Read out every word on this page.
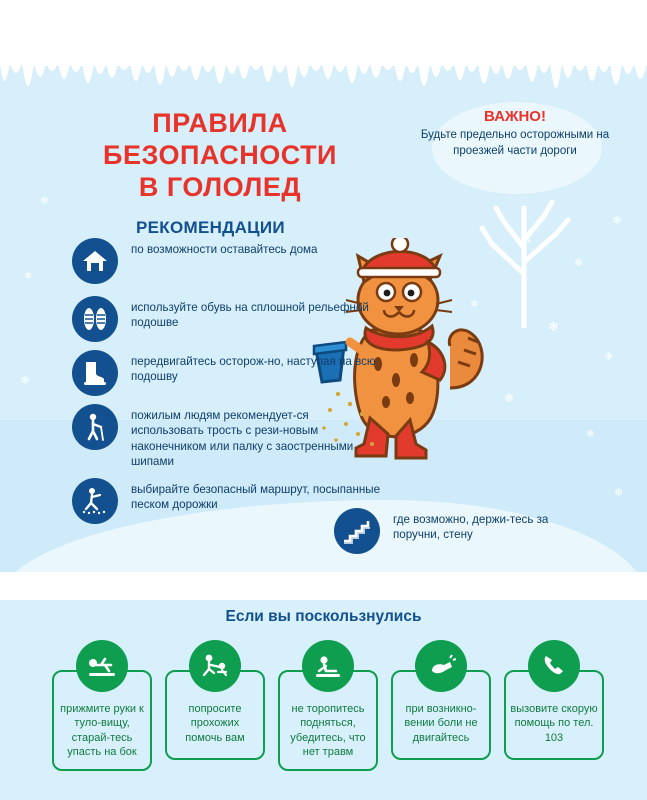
❄
❄
❄
❄
❄
❄
❄
❄
❄
❄
❄
❄
ПРАВИЛА
БЕЗОПАСНОСТИ
В ГОЛОЛЕД
ВАЖНО!

Будьте предельно осторожными на проезжей части дороги

РЕКОМЕНДАЦИИ
по возможности оставайтесь дома
используйте обувь на сплошной рельефной подошве
передвигайтесь осторож-но, наступая на всю подошву
пожилым людям рекомендует-ся использовать трость с рези-новым наконечником или палку с заостренными шипами
выбирайте безопасный маршрут, посыпанные песком дорожки
где возможно, держи-тесь за поручни, стену
Если вы поскользнулись

прижмите руки к туло-вищу, старай-тесь упасть на бок

попросите прохожих помочь вам

не торопитесь подняться, убедитесь, что нет травм

при возникно-вении боли не двигайтесь

вызовите скорую помощь по тел. 103
